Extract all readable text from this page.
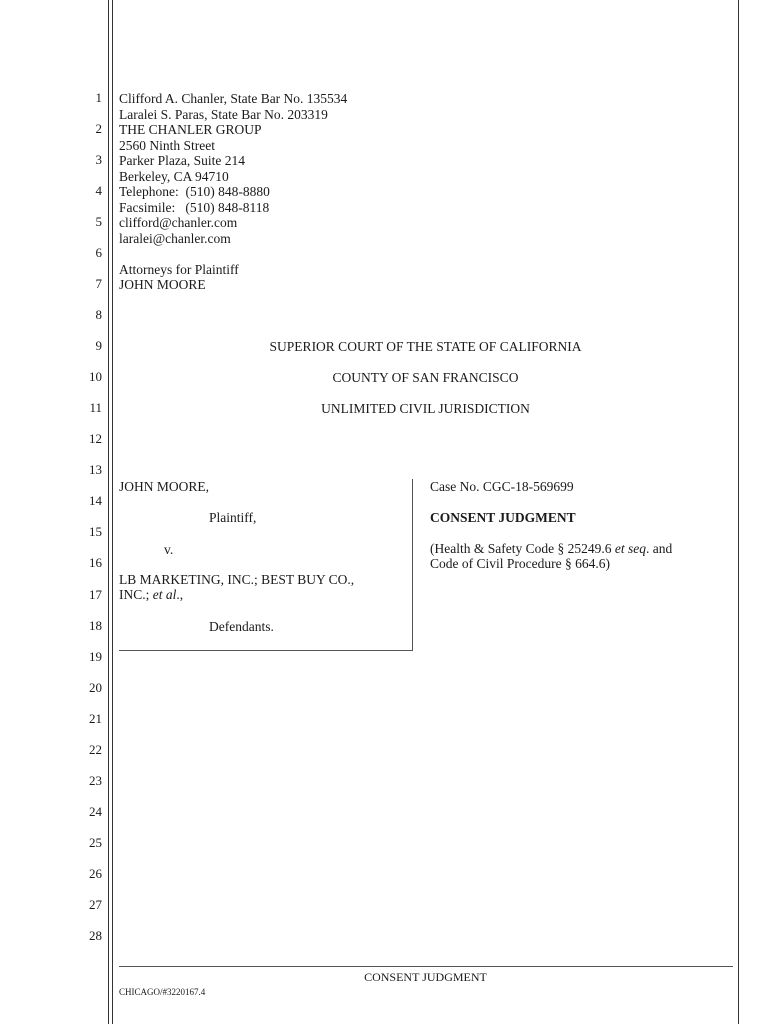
1
2
3
4
5
6
7
8
9
10
11
12
13
14
15
16
17
18
19
20
21
22
23
24
25
26
27
28
Clifford A. Chanler, State Bar No. 135534
Laralei S. Paras, State Bar No. 203319
THE CHANLER GROUP
2560 Ninth Street
Parker Plaza, Suite 214
Berkeley, CA 94710
Telephone:  (510) 848-8880
Facsimile:   (510) 848-8118
clifford@chanler.com
laralei@chanler.com
Attorneys for Plaintiff
JOHN MOORE
SUPERIOR COURT OF THE STATE OF CALIFORNIA
COUNTY OF SAN FRANCISCO
UNLIMITED CIVIL JURISDICTION
JOHN MOORE,
Plaintiff,
v.
LB MARKETING, INC.; BEST BUY CO.,
INC.; et al.,
Defendants.
Case No. CGC-18-569699
CONSENT JUDGMENT
(Health & Safety Code § 25249.6 et seq. and
Code of Civil Procedure § 664.6)
CONSENT JUDGMENT
CHICAGO/#3220167.4
